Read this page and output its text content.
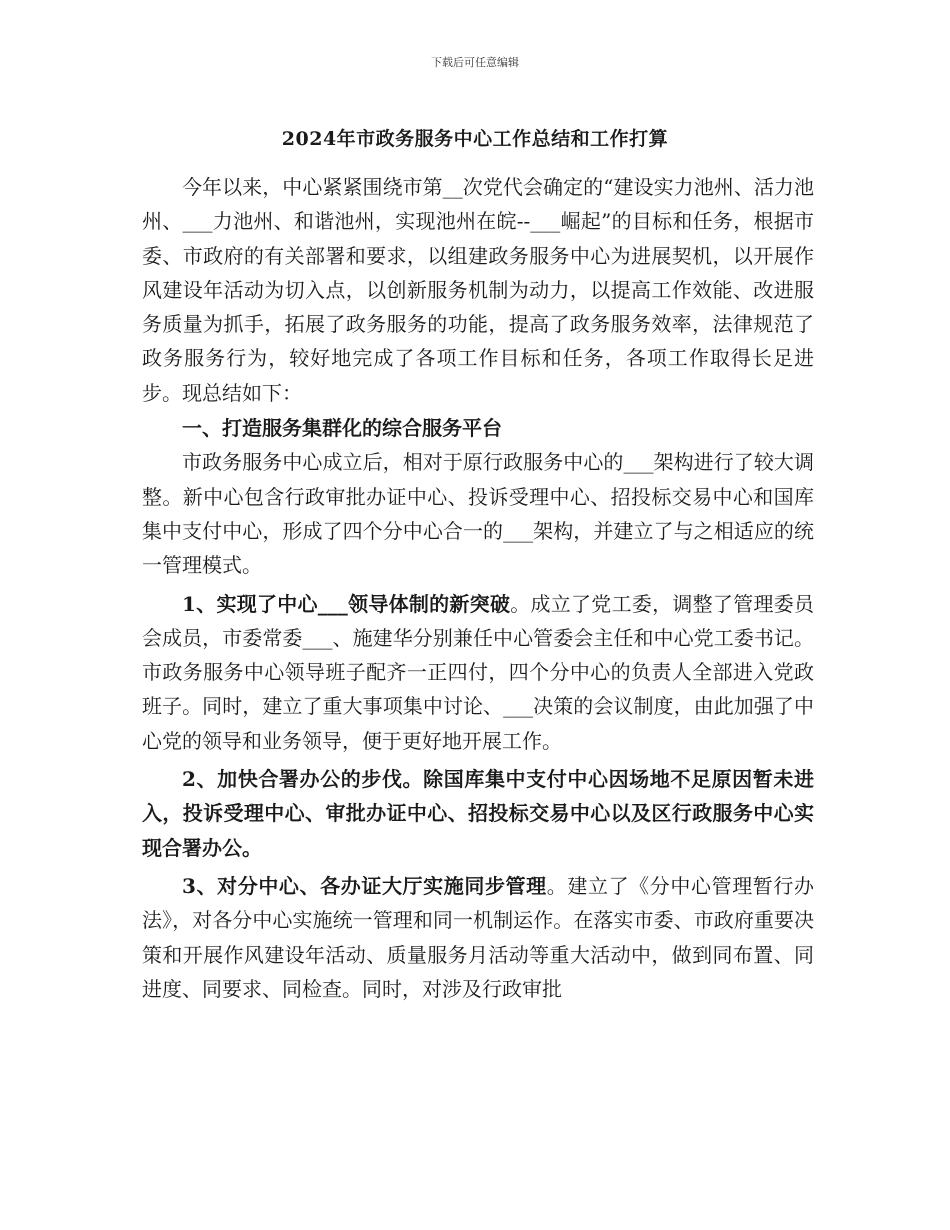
下载后可任意编辑
2024年市政务服务中心工作总结和工作打算

今年以来，中心紧紧围绕市第__次党代会确定的“建设实力池州、活力池州、___力池州、和谐池州，实现池州在皖--___崛起”的目标和任务，根据市委、市政府的有关部署和要求，以组建政务服务中心为进展契机，以开展作风建设年活动为切入点，以创新服务机制为动力，以提高工作效能、改进服务质量为抓手，拓展了政务服务的功能，提高了政务服务效率，法律规范了政务服务行为，较好地完成了各项工作目标和任务，各项工作取得长足进步。现总结如下：

一、打造服务集群化的综合服务平台

市政务服务中心成立后，相对于原行政服务中心的___架构进行了较大调整。新中心包含行政审批办证中心、投诉受理中心、招投标交易中心和国库集中支付中心，形成了四个分中心合一的___架构，并建立了与之相适应的统一管理模式。

1、实现了中心___领导体制的新突破。成立了党工委，调整了管理委员会成员，市委常委___、施建华分别兼任中心管委会主任和中心党工委书记。市政务服务中心领导班子配齐一正四付，四个分中心的负责人全部进入党政班子。同时，建立了重大事项集中讨论、___决策的会议制度，由此加强了中心党的领导和业务领导，便于更好地开展工作。

2、加快合署办公的步伐。除国库集中支付中心因场地不足原因暂未进入，投诉受理中心、审批办证中心、招投标交易中心以及区行政服务中心实现合署办公。

3、对分中心、各办证大厅实施同步管理。建立了《分中心管理暂行办法》，对各分中心实施统一管理和同一机制运作。在落实市委、市政府重要决策和开展作风建设年活动、质量服务月活动等重大活动中，做到同布置、同进度、同要求、同检查。同时，对涉及行政审批
